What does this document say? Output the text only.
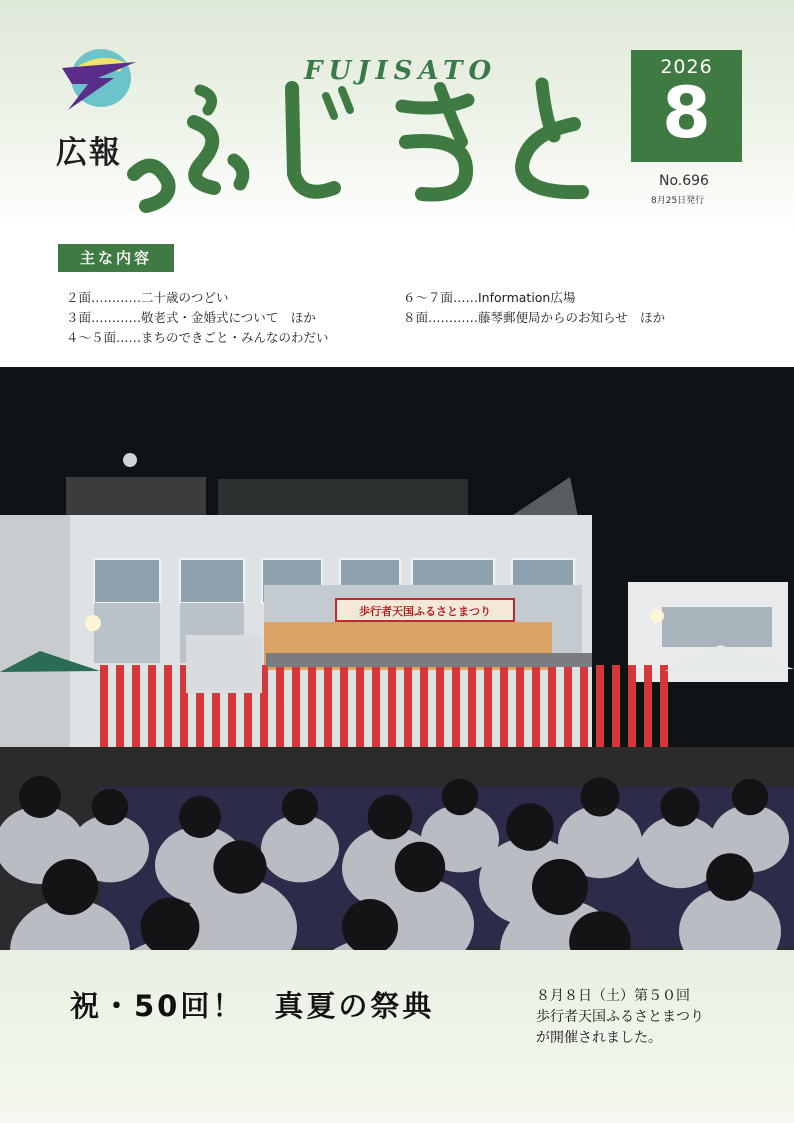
広報
FUJISATO	2026
8
No.696
8月25日発行
主な内容
２面…………二十歳のつどい
３面…………敬老式・金婚式について　ほか
４～５面……まちのできごと・みんなのわだい
６～７面……Information広場
８面…………藤琴郵便局からのお知らせ　ほか
歩行者天国ふるさとまつり
祝・50回！ 真夏の祭典	８月８日（土）第５０回
歩行者天国ふるさとまつり
が開催されました。
